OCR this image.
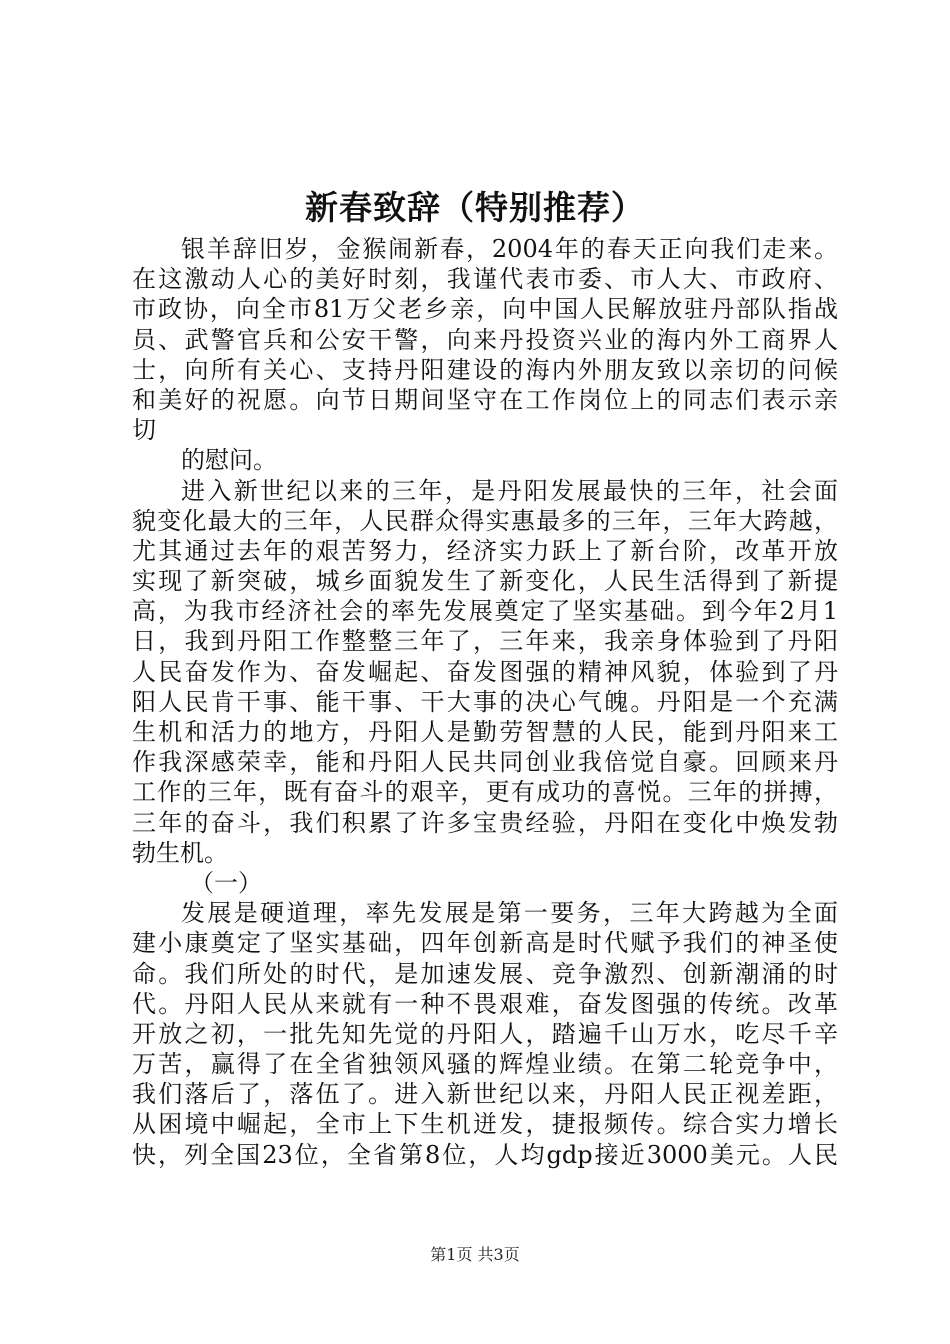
新春致辞（特别推荐）
银羊辞旧岁，金猴闹新春，2004年的春天正向我们走来。
在这激动人心的美好时刻，我谨代表市委、市人大、市政府、
市政协，向全市81万父老乡亲，向中国人民解放驻丹部队指战
员、武警官兵和公安干警，向来丹投资兴业的海内外工商界人
士，向所有关心、支持丹阳建设的海内外朋友致以亲切的问候
和美好的祝愿。向节日期间坚守在工作岗位上的同志们表示亲
切
的慰问。
进入新世纪以来的三年，是丹阳发展最快的三年，社会面
貌变化最大的三年，人民群众得实惠最多的三年，三年大跨越，
尤其通过去年的艰苦努力，经济实力跃上了新台阶，改革开放
实现了新突破，城乡面貌发生了新变化，人民生活得到了新提
高，为我市经济社会的率先发展奠定了坚实基础。到今年2月1
日，我到丹阳工作整整三年了，三年来，我亲身体验到了丹阳
人民奋发作为、奋发崛起、奋发图强的精神风貌，体验到了丹
阳人民肯干事、能干事、干大事的决心气魄。丹阳是一个充满
生机和活力的地方，丹阳人是勤劳智慧的人民，能到丹阳来工
作我深感荣幸，能和丹阳人民共同创业我倍觉自豪。回顾来丹
工作的三年，既有奋斗的艰辛，更有成功的喜悦。三年的拼搏，
三年的奋斗，我们积累了许多宝贵经验，丹阳在变化中焕发勃
勃生机。
（一）
发展是硬道理，率先发展是第一要务，三年大跨越为全面
建小康奠定了坚实基础，四年创新高是时代赋予我们的神圣使
命。我们所处的时代，是加速发展、竞争激烈、创新潮涌的时
代。丹阳人民从来就有一种不畏艰难，奋发图强的传统。改革
开放之初，一批先知先觉的丹阳人，踏遍千山万水，吃尽千辛
万苦，赢得了在全省独领风骚的辉煌业绩。在第二轮竞争中，
我们落后了，落伍了。进入新世纪以来，丹阳人民正视差距，
从困境中崛起，全市上下生机迸发，捷报频传。综合实力增长
快，列全国23位，全省第8位，人均gdp接近3000美元。人民
第1页 共3页
